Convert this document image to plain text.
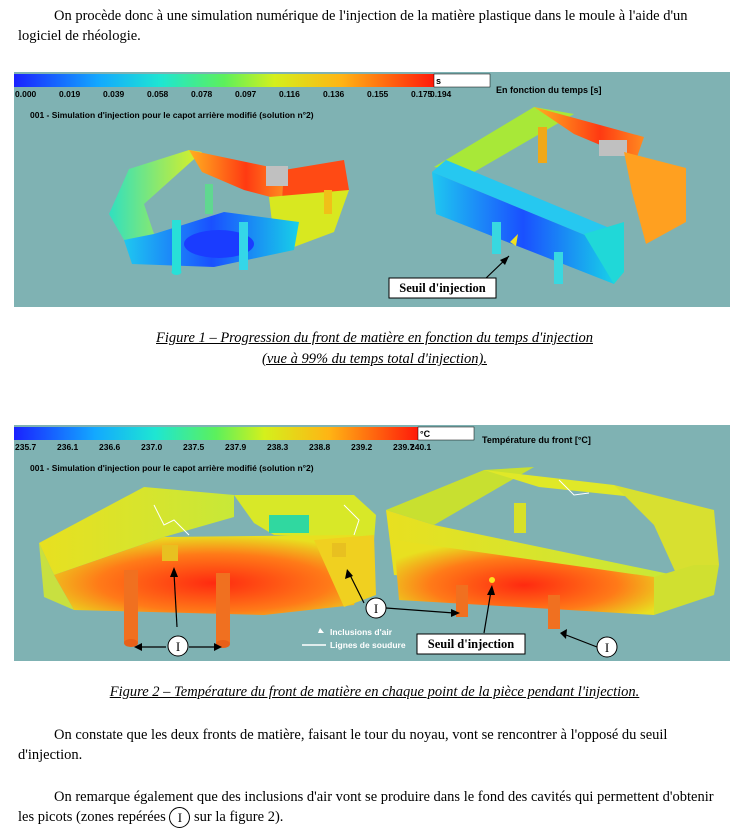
On procède donc à une simulation numérique de l'injection de la matière plastique dans le moule à l'aide d'un logiciel de rhéologie.

s
0.000	0.019	0.039	0.058	0.078	0.097	0.116	0.136	0.155	0.175
0.194	En fonction du temps [s]
001 - Simulation d'injection pour le capot arrière modifié (solution n°2)
Seuil d'injection
Figure 1 – Progression du front de matière en fonction du temps d'injection
(vue à 99% du temps total d'injection).
°C
235.7 236.1 236.6 237.0 237.5 237.9 238.3 238.8 239.2 239.7
240.1
Température du front [°C]
001 - Simulation d'injection pour le capot arrière modifié (solution n°2)
I
I
I
Seuil d'injection
Inclusions d'air
Lignes de soudure
Figure 2 – Température du front de matière en chaque point de la pièce pendant l'injection.

On constate que les deux fronts de matière, faisant le tour du noyau, vont se rencontrer à l'opposé du seuil d'injection.

On remarque également que des inclusions d'air vont se produire dans le fond des cavités qui permettent d'obtenir les picots (zones repérées I sur la figure 2).
